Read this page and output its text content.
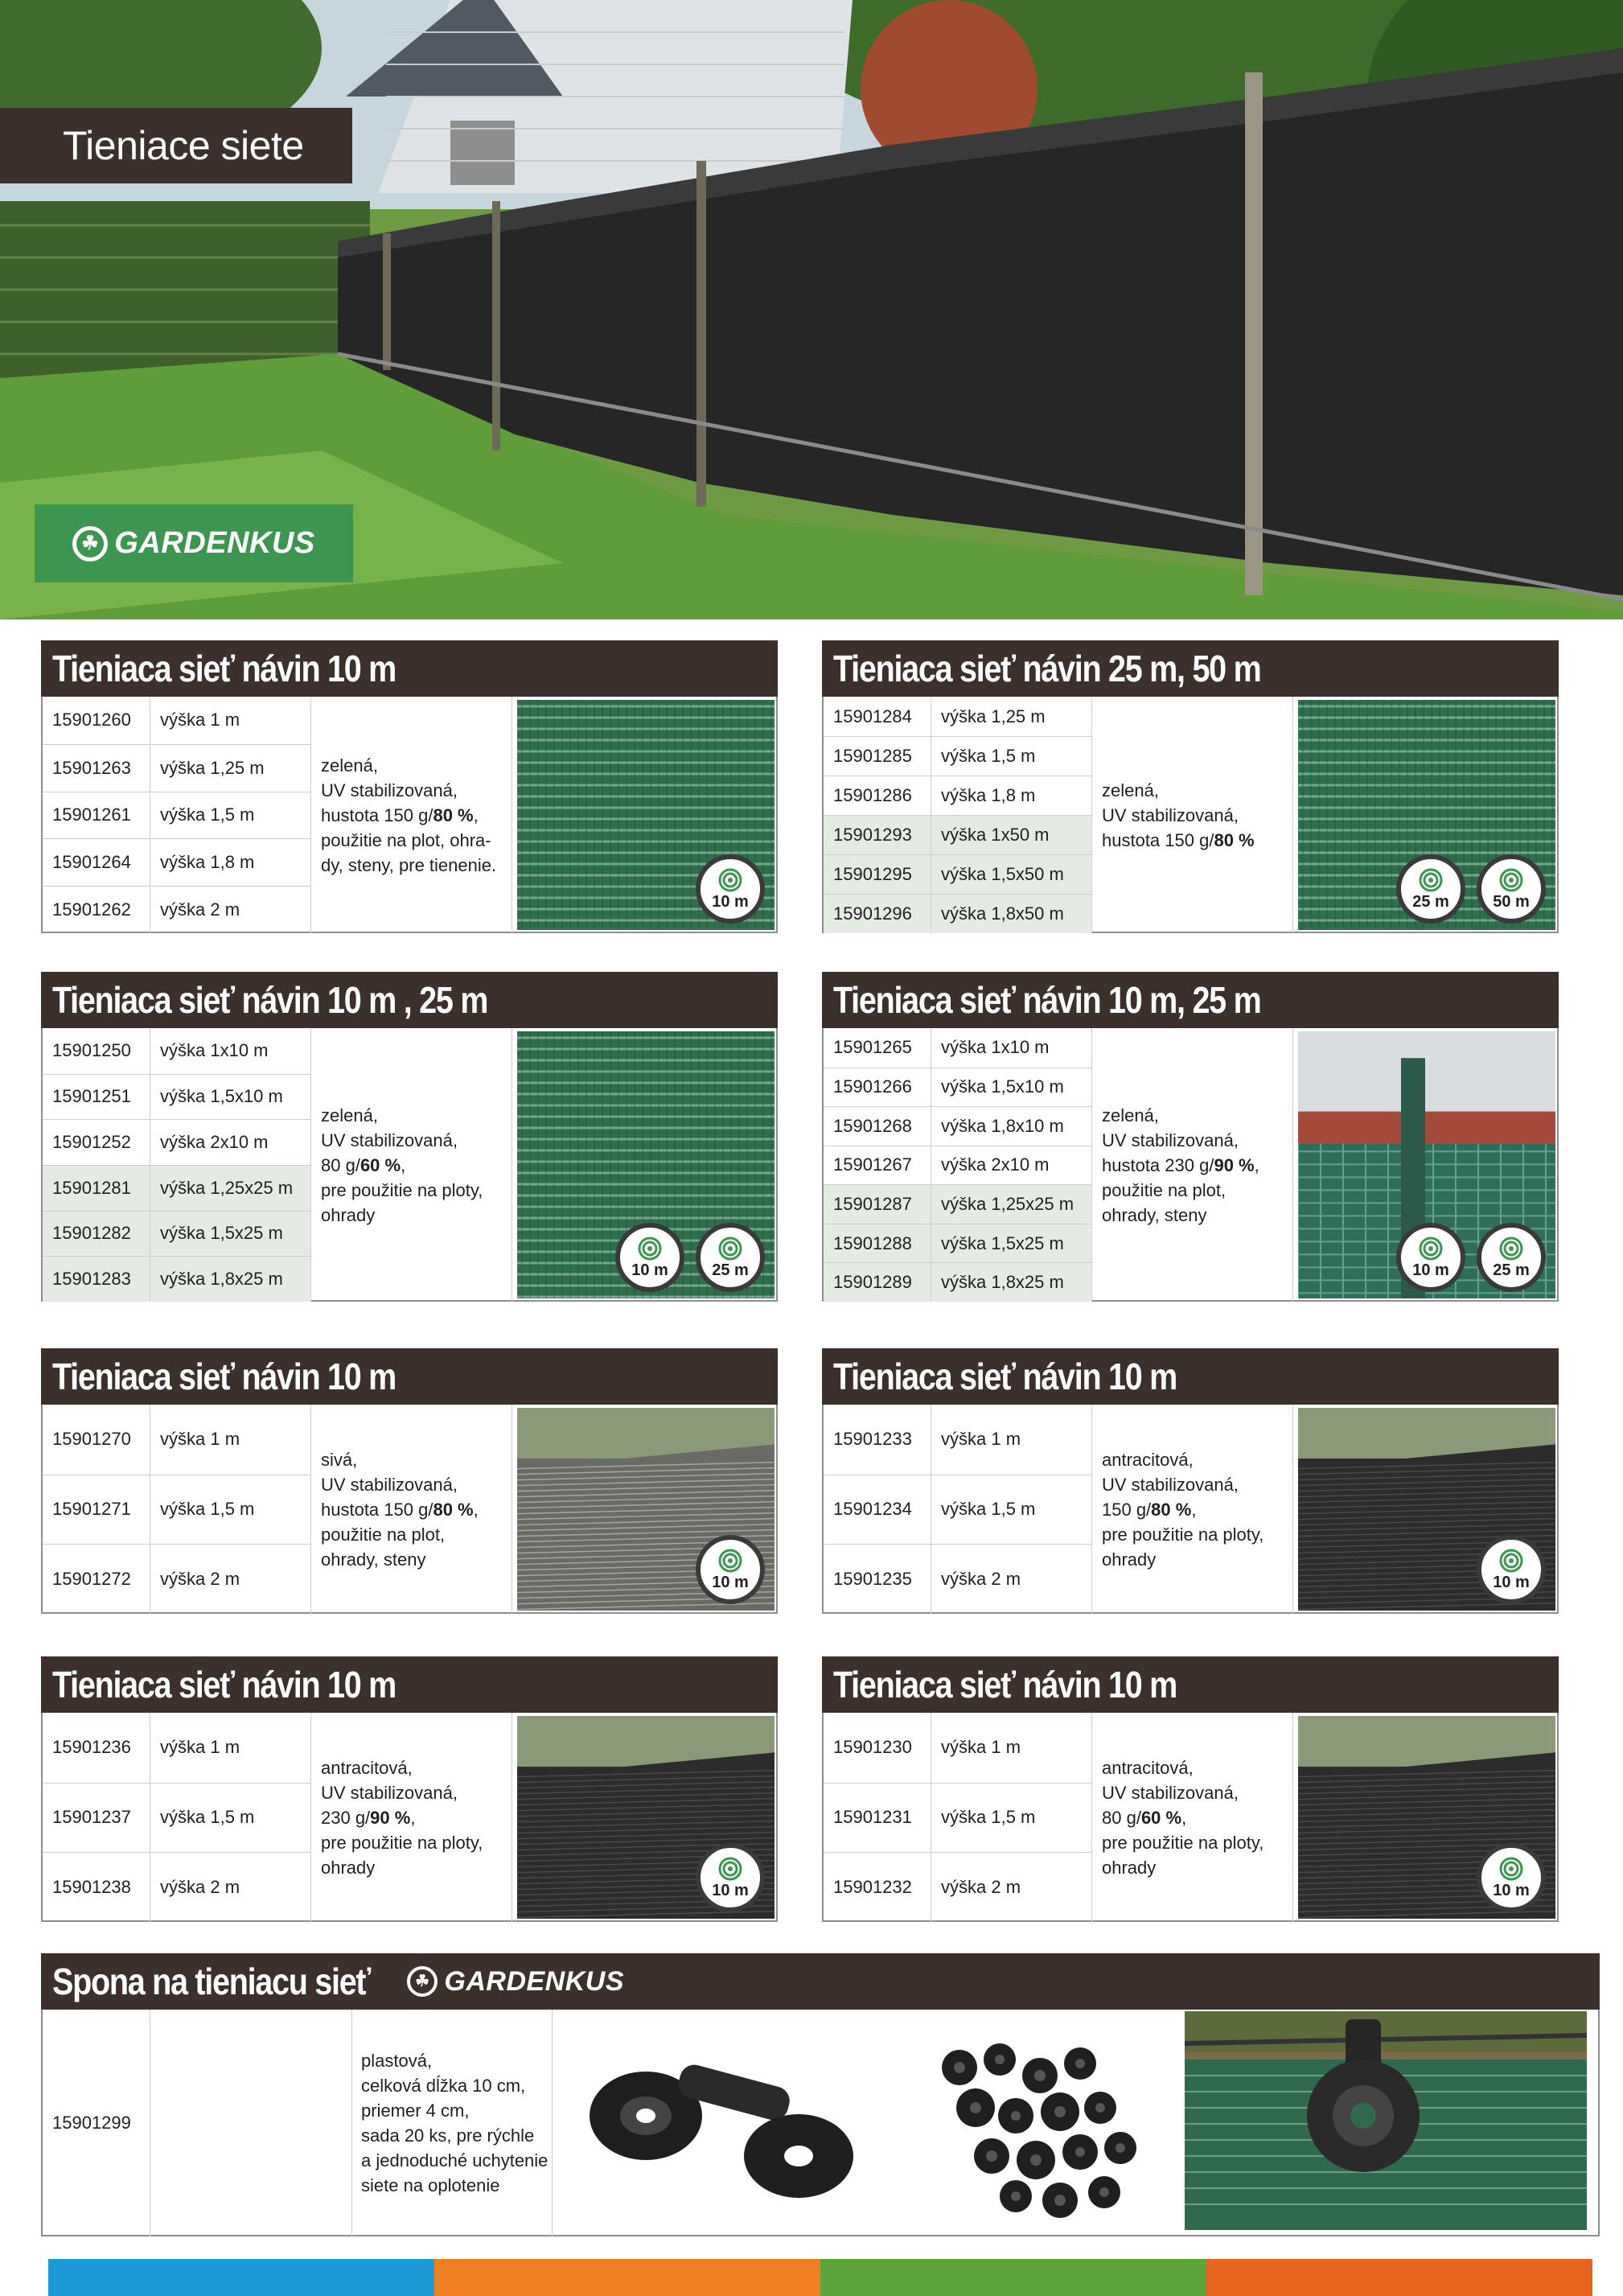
Tieniace siete
☘ GARDENKUS
Tieniaca sieť návin 10 m
15901260	výška 1 m
15901263	výška 1,25 m
15901261	výška 1,5 m
15901264	výška 1,8 m
15901262	výška 2 m
zelená,
UV stabilizovaná,
hustota 150 g/80 %,
použitie na plot, ohra-
dy, steny, pre tienenie.
10 m
Tieniaca sieť návin 25 m, 50 m
15901284	výška 1,25 m
15901285	výška 1,5 m
15901286	výška 1,8 m
15901293	výška 1x50 m
15901295	výška 1,5x50 m
15901296	výška 1,8x50 m
zelená,
UV stabilizovaná,
hustota 150 g/80 %
25 m	50 m
Tieniaca sieť návin 10 m , 25 m
15901250	výška 1x10 m
15901251	výška 1,5x10 m
15901252	výška 2x10 m
15901281	výška 1,25x25 m
15901282	výška 1,5x25 m
15901283	výška 1,8x25 m
zelená,
UV stabilizovaná,
80 g/60 %,
pre použitie na ploty,
ohrady
10 m	25 m
Tieniaca sieť návin 10 m, 25 m
15901265	výška 1x10 m
15901266	výška 1,5x10 m
15901268	výška 1,8x10 m
15901267	výška 2x10 m
15901287	výška 1,25x25 m
15901288	výška 1,5x25 m
15901289	výška 1,8x25 m
zelená,
UV stabilizovaná,
hustota 230 g/90 %,
použitie na plot,
ohrady, steny
10 m	25 m
Tieniaca sieť návin 10 m
15901270	výška 1 m
15901271	výška 1,5 m
15901272	výška 2 m
sivá,
UV stabilizovaná,
hustota 150 g/80 %,
použitie na plot,
ohrady, steny
10 m
Tieniaca sieť návin 10 m
15901233	výška 1 m
15901234	výška 1,5 m
15901235	výška 2 m
antracitová,
UV stabilizovaná,
150 g/80 %,
pre použitie na ploty,
ohrady
10 m
Tieniaca sieť návin 10 m
15901236	výška 1 m
15901237	výška 1,5 m
15901238	výška 2 m
antracitová,
UV stabilizovaná,
230 g/90 %,
pre použitie na ploty,
ohrady
10 m
Tieniaca sieť návin 10 m
15901230	výška 1 m
15901231	výška 1,5 m
15901232	výška 2 m
antracitová,
UV stabilizovaná,
80 g/60 %,
pre použitie na ploty,
ohrady
10 m
Spona na tieniacu sieť	☘ GARDENKUS
15901299
plastová,
celková dĺžka 10 cm,
priemer 4 cm,
sada 20 ks, pre rýchle
a jednoduché uchytenie
siete na oplotenie
